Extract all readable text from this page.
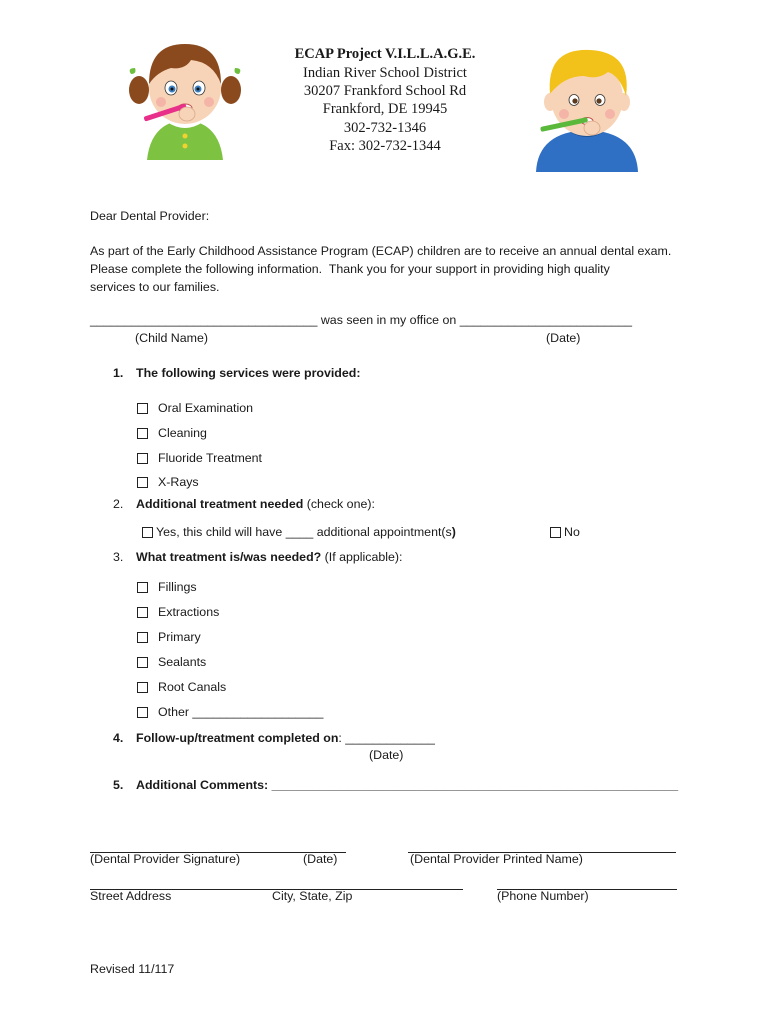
ECAP Project V.I.L.L.A.G.E.
Indian River School District
30207 Frankford School Rd
Frankford, DE 19945
302-732-1346
Fax: 302-732-1344
Dear Dental Provider:
As part of the Early Childhood Assistance Program (ECAP) children are to receive an annual dental exam.
Please complete the following information.  Thank you for your support in providing high quality
services to our families.
_________________________________ was seen in my office on _________________________
(Child Name)	(Date)
1. The following services were provided:
Oral Examination
Cleaning
Fluoride Treatment
X-Rays
2. Additional treatment needed (check one):
Yes, this child will have ____ additional appointment(s)	No
3. What treatment is/was needed? (If applicable):
Fillings
Extractions
Primary
Sealants
Root Canals
Other ___________________
4. Follow-up/treatment completed on: _____________
(Date)
5. Additional Comments: ___________________________________________________________
(Dental Provider Signature)	(Date)	(Dental Provider Printed Name)
Street Address	City, State, Zip	(Phone Number)
Revised 11/117
